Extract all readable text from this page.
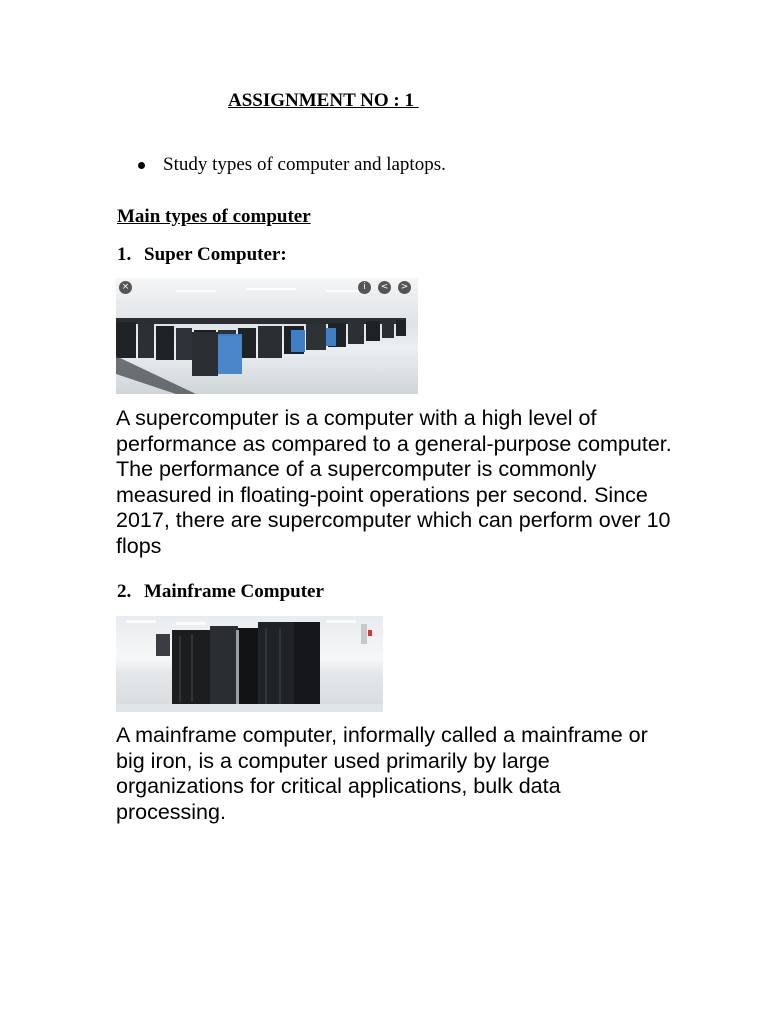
ASSIGNMENT NO : 1
Study types of computer and laptops.
Main types of computer
1. Super Computer:
×	i	<	>
A supercomputer is a computer with a high level of performance as compared to a general-purpose computer. The performance of a supercomputer is commonly measured in floating-point operations per second. Since 2017, there are supercomputer which can perform over 10 flops
2. Mainframe Computer
A mainframe computer, informally called a mainframe or big iron, is a computer used primarily by large organizations for critical applications, bulk data processing.
